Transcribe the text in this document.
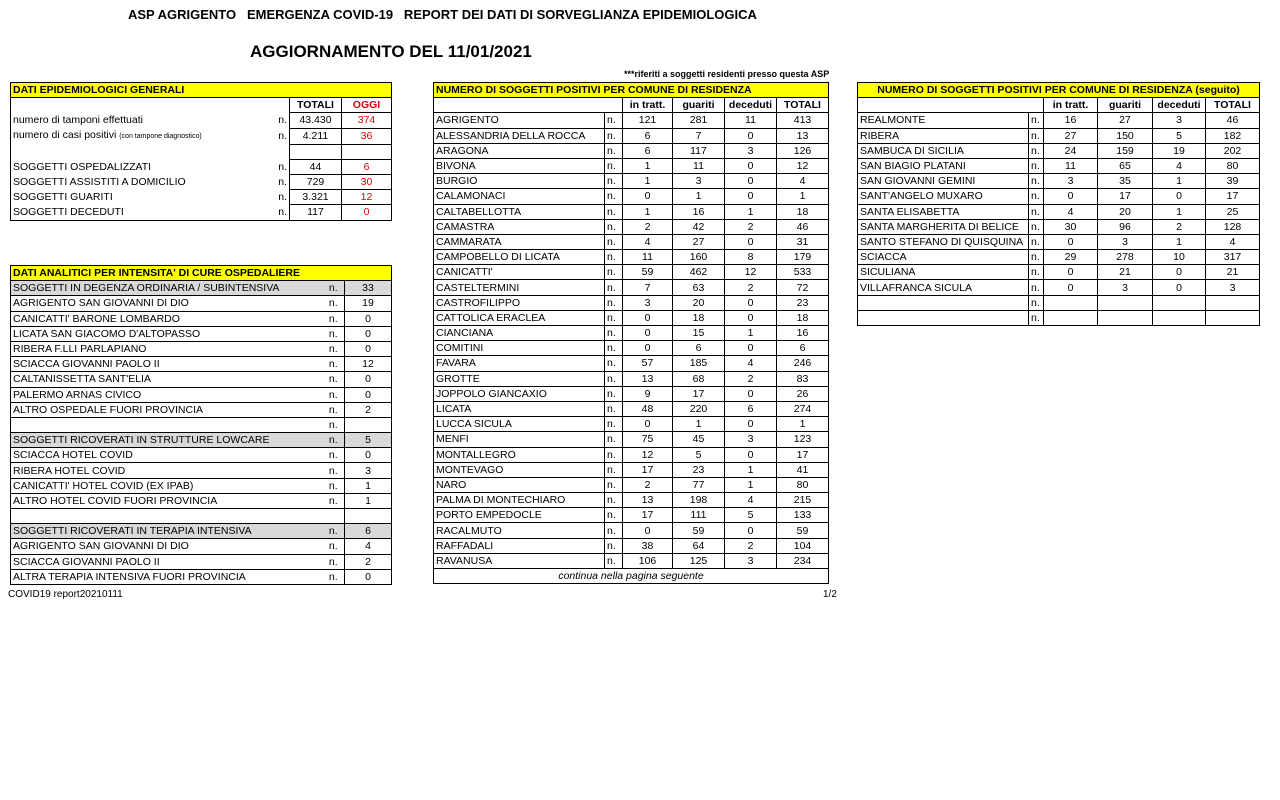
ASP AGRIGENTO   EMERGENZA COVID-19   REPORT DEI DATI DI SORVEGLIANZA EPIDEMIOLOGICA
AGGIORNAMENTO DEL 11/01/2021
***riferiti a soggetti residenti presso questa ASP
DATI EPIDEMIOLOGICI GENERALI			
		TOTALI	OGGI
numero di tamponi effettuati	n.	43.430	374
numero di casi positivi (con tampone diagnostico)	n.	4.211	36

SOGGETTI OSPEDALIZZATI	n.	44	6
SOGGETTI ASSISTITI A DOMICILIO	n.	729	30
SOGGETTI GUARITI	n.	3.321	12
SOGGETTI DECEDUTI	n.	117	0
DATI ANALITICI PER INTENSITA' DI CURE OSPEDALIERE		
SOGGETTI IN DEGENZA ORDINARIA / SUBINTENSIVA	n.	33
AGRIGENTO SAN GIOVANNI DI DIO	n.	19
CANICATTI' BARONE LOMBARDO	n.	0
LICATA SAN GIACOMO D'ALTOPASSO	n.	0
RIBERA F.LLI PARLAPIANO	n.	0
SCIACCA GIOVANNI PAOLO II	n.	12
CALTANISSETTA SANT'ELIA	n.	0
PALERMO ARNAS CIVICO	n.	0
ALTRO OSPEDALE FUORI PROVINCIA	n.	2
	n.	
SOGGETTI RICOVERATI IN STRUTTURE LOWCARE	n.	5
SCIACCA HOTEL COVID	n.	0
RIBERA HOTEL COVID	n.	3
CANICATTI' HOTEL COVID (EX IPAB)	n.	1
ALTRO HOTEL COVID FUORI PROVINCIA	n.	1

SOGGETTI RICOVERATI IN TERAPIA INTENSIVA	n.	6
AGRIGENTO SAN GIOVANNI DI DIO	n.	4
SCIACCA GIOVANNI PAOLO II	n.	2
ALTRA TERAPIA INTENSIVA FUORI PROVINCIA	n.	0
NUMERO DI SOGGETTI POSITIVI PER COMUNE DI RESIDENZA					
		in tratt.	guariti	deceduti	TOTALI
AGRIGENTO	n.	121	281	11	413
ALESSANDRIA DELLA ROCCA	n.	6	7	0	13
ARAGONA	n.	6	117	3	126
BIVONA	n.	1	11	0	12
BURGIO	n.	1	3	0	4
CALAMONACI	n.	0	1	0	1
CALTABELLOTTA	n.	1	16	1	18
CAMASTRA	n.	2	42	2	46
CAMMARATA	n.	4	27	0	31
CAMPOBELLO DI LICATA	n.	11	160	8	179
CANICATTI'	n.	59	462	12	533
CASTELTERMINI	n.	7	63	2	72
CASTROFILIPPO	n.	3	20	0	23
CATTOLICA ERACLEA	n.	0	18	0	18
CIANCIANA	n.	0	15	1	16
COMITINI	n.	0	6	0	6
FAVARA	n.	57	185	4	246
GROTTE	n.	13	68	2	83
JOPPOLO GIANCAXIO	n.	9	17	0	26
LICATA	n.	48	220	6	274
LUCCA SICULA	n.	0	1	0	1
MENFI	n.	75	45	3	123
MONTALLEGRO	n.	12	5	0	17
MONTEVAGO	n.	17	23	1	41
NARO	n.	2	77	1	80
PALMA DI MONTECHIARO	n.	13	198	4	215
PORTO EMPEDOCLE	n.	17	111	5	133
RACALMUTO	n.	0	59	0	59
RAFFADALI	n.	38	64	2	104
RAVANUSA	n.	106	125	3	234
continua nella pagina seguente					
NUMERO DI SOGGETTI POSITIVI PER COMUNE DI RESIDENZA (seguito)					
		in tratt.	guariti	deceduti	TOTALI
REALMONTE	n.	16	27	3	46
RIBERA	n.	27	150	5	182
SAMBUCA DI SICILIA	n.	24	159	19	202
SAN BIAGIO PLATANI	n.	11	65	4	80
SAN GIOVANNI GEMINI	n.	3	35	1	39
SANT'ANGELO MUXARO	n.	0	17	0	17
SANTA ELISABETTA	n.	4	20	1	25
SANTA MARGHERITA DI BELICE	n.	30	96	2	128
SANTO STEFANO DI QUISQUINA	n.	0	3	1	4
SCIACCA	n.	29	278	10	317
SICULIANA	n.	0	21	0	21
VILLAFRANCA SICULA	n.	0	3	0	3
	n.				
	n.				
COVID19 report20210111	1/2
